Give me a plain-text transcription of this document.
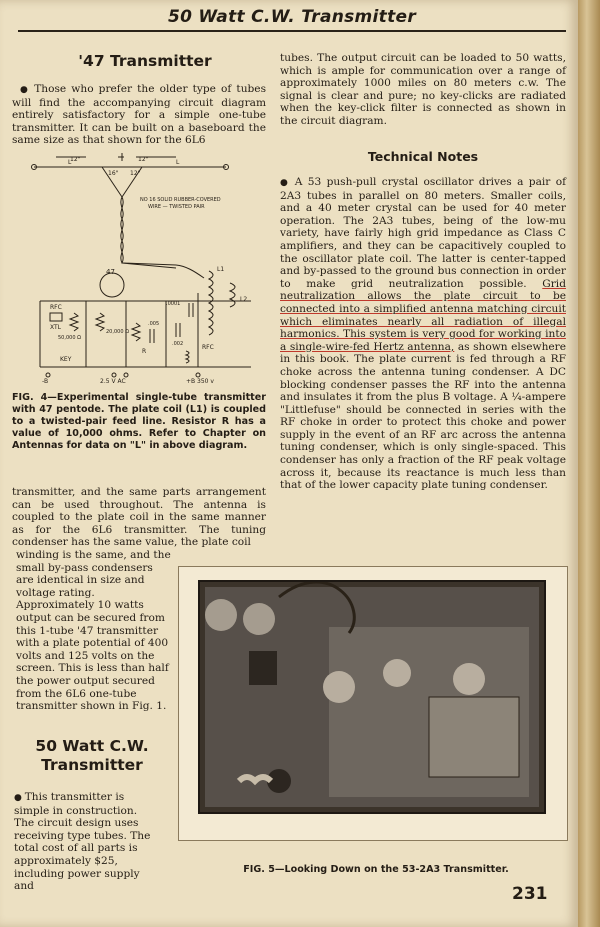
50 Watt C.W. Transmitter
'47 Transmitter

● Those who prefer the older type of tubes will find the accompanying circuit diagram entirely satisfactory for a simple one-tube transmitter. It can be built on a baseboard the same size as that shown for the 6L6

L	L
16" 12"
12"
12"
NO 16 SOLID RUBBER-COVERED
WIRE — TWISTED PAIR
47	L1
L2
RFC
XTL
R
50,000 Ω
20,000 Ω
.0001
.002
.005
KEY
RFC
-B	2.5 V AC	+B 350 v

FIG. 4—Experimental single-tube transmitter with 47 pentode. The plate coil (L1) is coupled to a twisted-pair feed line. Resistor R has a value of 10,000 ohms. Refer to Chapter on Antennas for data on "L" in above diagram.

transmitter, and the same parts arrangement can be used throughout. The antenna is coupled to the plate coil in the same manner as for the 6L6 transmitter. The tuning condenser has the same value, the plate coil

winding is the same, and the small by-pass condensers are identical in size and voltage rating. Approximately 10 watts output can be secured from this 1-tube '47 transmitter with a plate potential of 400 volts and 125 volts on the screen. This is less than half the power output secured from the 6L6 one-tube transmitter shown in Fig. 1.

50 Watt C.W.
Transmitter

● This transmitter is simple in construction. The circuit design uses receiving type tubes. The total cost of all parts is approximately $25, including power supply and

tubes. The output circuit can be loaded to 50 watts, which is ample for communication over a range of approximately 1000 miles on 80 meters c.w. The signal is clear and pure; no key-clicks are radiated when the key-click filter is connected as shown in the circuit diagram.

Technical Notes

● A 53 push-pull crystal oscillator drives a pair of 2A3 tubes in parallel on 80 meters. Smaller coils, and a 40 meter crystal can be used for 40 meter operation. The 2A3 tubes, being of the low-mu variety, have fairly high grid impedance as Class C amplifiers, and they can be capacitively coupled to the oscillator plate coil. The latter is center-tapped and by-passed to the ground bus connection in order to make grid neutralization possible. Grid neutralization allows the plate circuit to be connected into a simplified antenna matching circuit which eliminates nearly all radiation of illegal harmonics. This system is very good for working into a single-wire-fed Hertz antenna, as shown elsewhere in this book. The plate current is fed through a RF choke across the antenna tuning condenser. A DC blocking condenser passes the RF into the antenna and insulates it from the plus B voltage. A ¼-ampere "Littlefuse" should be connected in series with the RF choke in order to protect this choke and power supply in the event of an RF arc across the antenna tuning condenser, which is only single-spaced. This condenser has only a fraction of the RF peak voltage across it, because its reactance is much less than that of the lower capacity plate tuning condenser.

FIG. 5—Looking Down on the 53-2A3 Transmitter.

231
